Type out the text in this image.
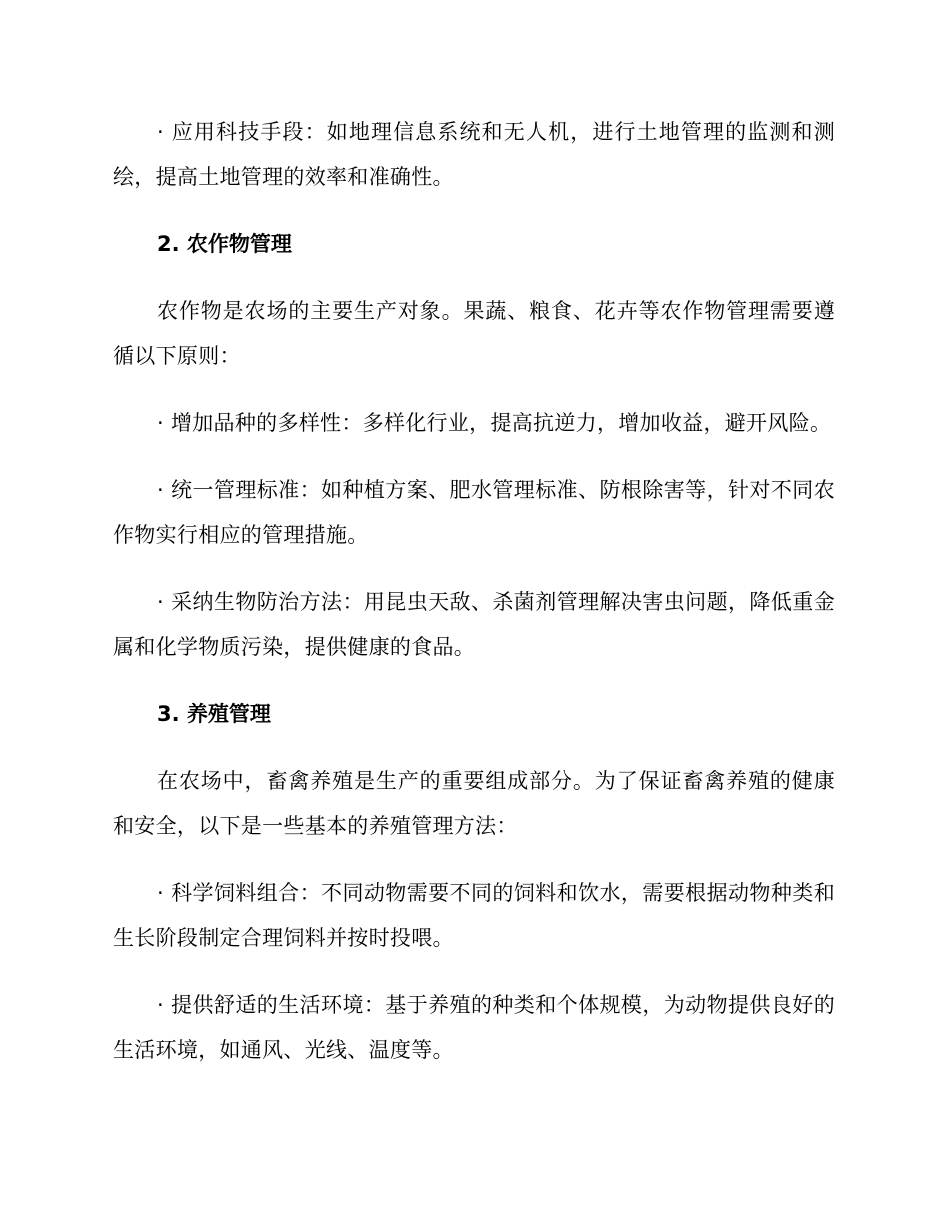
· 应用科技手段：如地理信息系统和无人机，进行土地管理的监测和测绘，提高土地管理的效率和准确性。

2. 农作物管理

农作物是农场的主要生产对象。果蔬、粮食、花卉等农作物管理需要遵循以下原则：

· 增加品种的多样性：多样化行业，提高抗逆力，增加收益，避开风险。

· 统一管理标准：如种植方案、肥水管理标准、防根除害等，针对不同农作物实行相应的管理措施。

· 采纳生物防治方法：用昆虫天敌、杀菌剂管理解决害虫问题，降低重金属和化学物质污染，提供健康的食品。

3. 养殖管理

在农场中，畜禽养殖是生产的重要组成部分。为了保证畜禽养殖的健康和安全，以下是一些基本的养殖管理方法：

· 科学饲料组合：不同动物需要不同的饲料和饮水，需要根据动物种类和生长阶段制定合理饲料并按时投喂。

· 提供舒适的生活环境：基于养殖的种类和个体规模，为动物提供良好的生活环境，如通风、光线、温度等。
